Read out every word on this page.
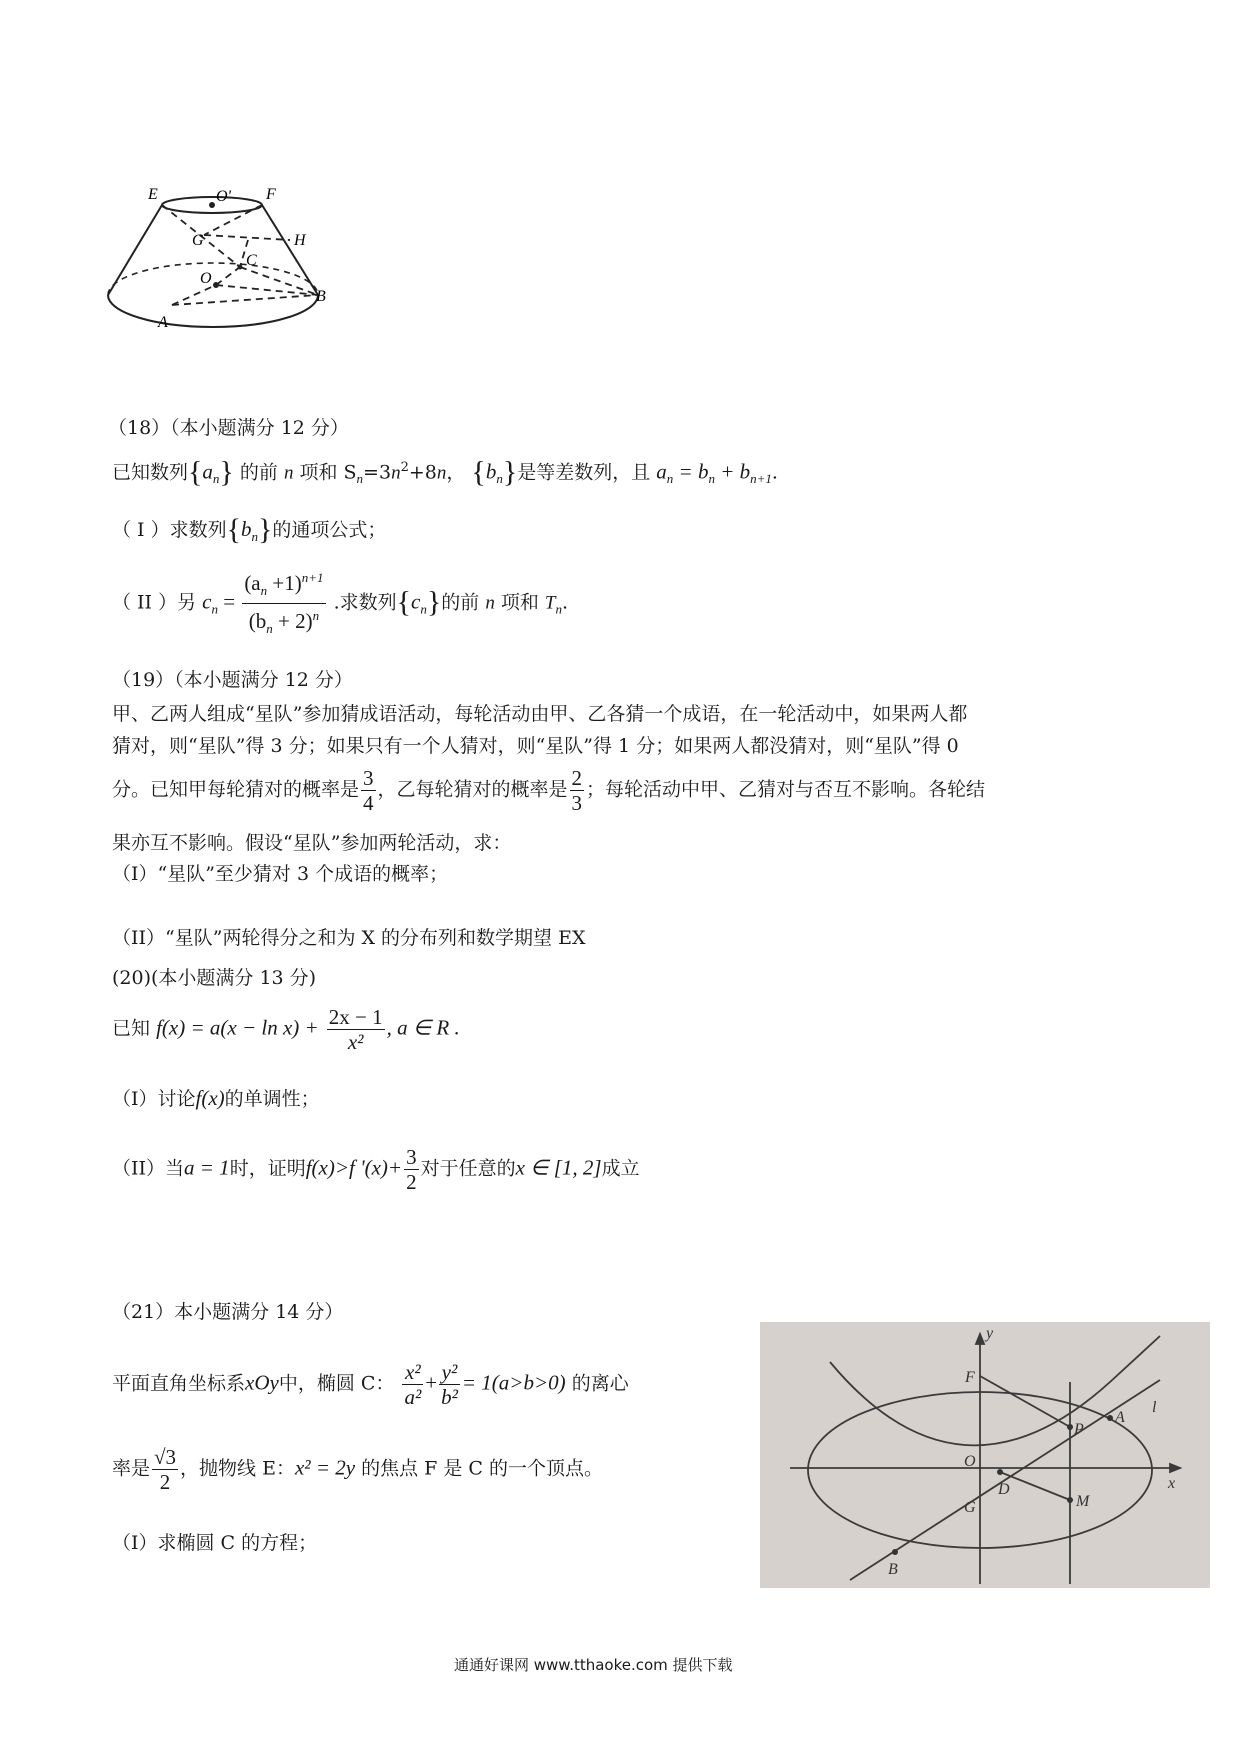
E	O' F
G	H
C
O
B
A
（18）（本小题满分 12 分）
已知数列$\{a_n\}$ 的前 n 项和 $S_n=3n^2+8n$， $\{b_n\}$是等差数列，且 $a_n = b_n + b_{n+1}$.
（ I ）求数列$\{b_n\}$的通项公式；
（ II ）另 $c_n = \frac{(a_n +1)^{n+1}}{(b_n + 2)^n}$ .求数列$\{c_n\}$的前 n 项和 $T_n$.
（19）（本小题满分 12 分）
甲、乙两人组成“星队”参加猜成语活动，每轮活动由甲、乙各猜一个成语，在一轮活动中，如果两人都
猜对，则“星队”得 3 分；如果只有一个人猜对，则“星队”得 1 分；如果两人都没猜对，则“星队”得 0
分。已知甲每轮猜对的概率是 $\frac{3}{4}$ ，乙每轮猜对的概率是 $\frac{2}{3}$ ；每轮活动中甲、乙猜对与否互不影响。各轮结
果亦互不影响。假设“星队”参加两轮活动，求：
（I）“星队”至少猜对 3 个成语的概率；
（II）“星队”两轮得分之和为 X 的分布列和数学期望 EX
(20)(本小题满分 13 分)
已知 $f(x) = a(x - \ln x) + \frac{2x - 1}{\text{x²}}$ , a ∈ R .
（I）讨论f(x)的单调性；
（II）当a = 1时，证明f(x)>f '$(x)+ \frac{3}{2}$ 对于任意的x ∈ [1, 2]成立
（21）本小题满分 14 分）
平面直角坐标系xOy中，椭圆 C： $\frac{\text{x²}}{\text{a²}} + \frac{\text{y²}}{\text{b²}} = 1(a>b>0)$ 的离心
率是 $\frac{√3}{2}$ ，抛物线 E：x² = 2y 的焦点 F 是 C 的一个顶点。
（I）求椭圆 C 的方程；
y
F
A
l
O
P
D	x
G	M
B
通通好课网 www.tthaoke.com 提供下载
